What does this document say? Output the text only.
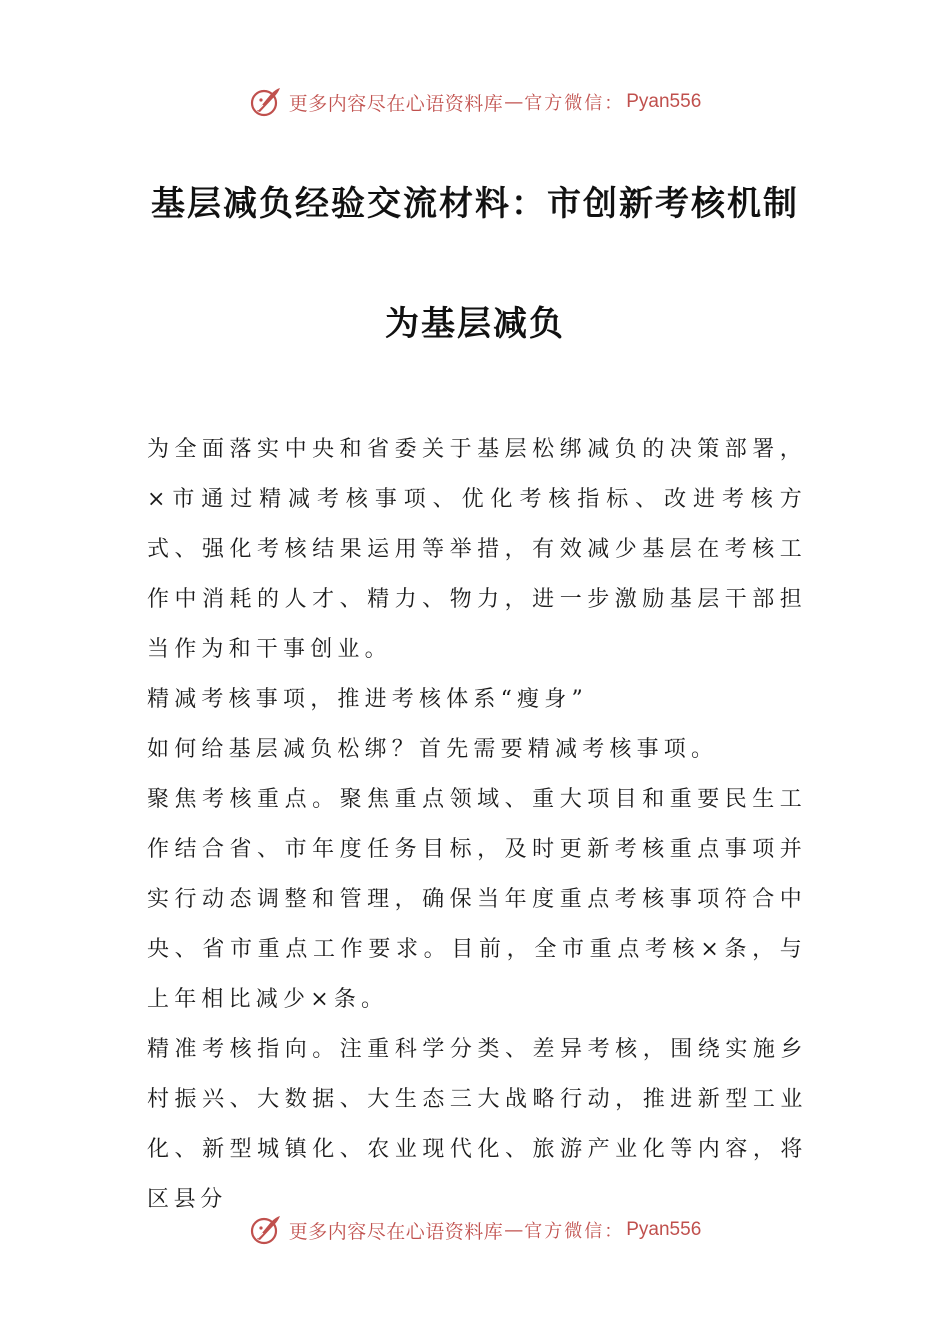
更多内容尽在心语资料库 — 官方微信： Pyan556
基层减负经验交流材料：市创新考核机制
为基层减负

为全面落实中央和省委关于基层松绑减负的决策部署，×市通过精减考核事项、优化考核指标、改进考核方式、强化考核结果运用等举措，有效减少基层在考核工作中消耗的人才、精力、物力，进一步激励基层干部担当作为和干事创业。

精减考核事项，推进考核体系“瘦身”

如何给基层减负松绑？首先需要精减考核事项。

聚焦考核重点。聚焦重点领域、重大项目和重要民生工作结合省、市年度任务目标，及时更新考核重点事项并实行动态调整和管理，确保当年度重点考核事项符合中央、省市重点工作要求。目前，全市重点考核×条，与上年相比减少×条。

精准考核指向。注重科学分类、差异考核，围绕实施乡村振兴、大数据、大生态三大战略行动，推进新型工业化、新型城镇化、农业现代化、旅游产业化等内容，将区县分

更多内容尽在心语资料库 — 官方微信： Pyan556
